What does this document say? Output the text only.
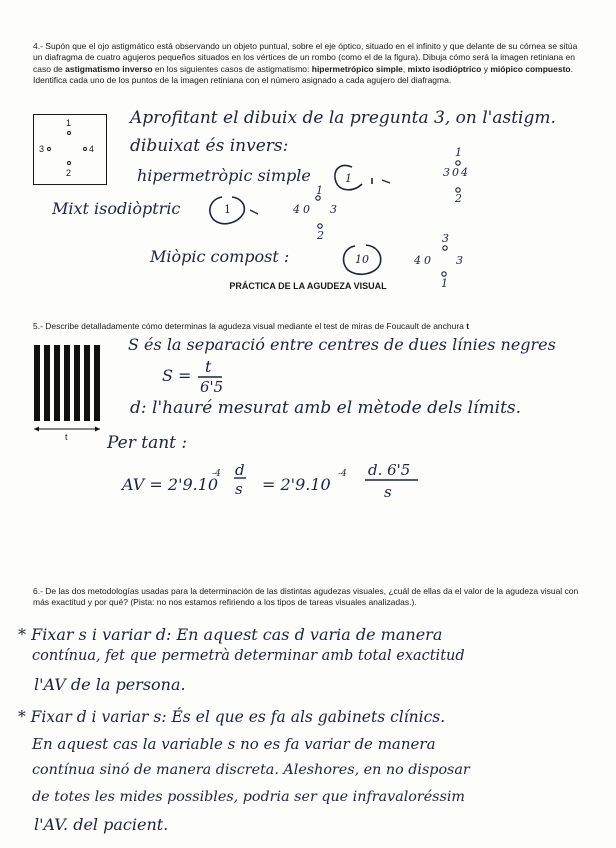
4.- Supón que el ojo astigmático está observando un objeto puntual, sobre el eje óptico, situado en el infinito y que delante de su córnea se sitúa un diafragma de cuatro agujeros pequeños situados en los vértices de un rombo (como el de la figura). Dibuja cómo será la imagen retiniana en caso de astigmatismo inverso en los siguientes casos de astigmatismo: hipermetrópico simple, mixto isodióptrico y miópico compuesto. Identifica cada uno de los puntos de la imagen retiniana con el número asignado a cada agujero del diafragma.
1
3	4
2
Aprofitant el dibuix de la pregunta 3, on l'astigm.
dibuixat és invers:
hipermetròpic simple
Mixt isodiòptric
Miòpic compost :
1
1
10
1
3 0 4
2
1
4 0 3
2	3
4 0 3
1
PRÁCTICA DE LA AGUDEZA VISUAL
5.- Describe detalladamente cómo determinas la agudeza visual mediante el test de miras de Foucault de anchura t
t
S és la separació entre centres de dues línies negres
S = t
6'5
d: l'hauré mesurat amb el mètode dels límits.
Per tant :
AV = 2'9.10
-4 d
s = 2'9.10
-4 d. 6'5
s
6.- De las dos metodologías usadas para la determinación de las distintas agudezas visuales, ¿cuál de ellas da el valor de la agudeza visual con más exactitud y por qué? (Pista: no nos estamos refiriendo a los tipos de tareas visuales analizadas.).
* Fixar s i variar d: En aquest cas d varia de manera
contínua, fet que permetrà determinar amb total exactitud
l'AV de la persona.
* Fixar d i variar s: És el que es fa als gabinets clínics.
En aquest cas la variable s no es fa variar de manera
contínua sinó de manera discreta. Aleshores, en no disposar
de totes les mides possibles, podria ser que infravaloréssim
l'AV. del pacient.
